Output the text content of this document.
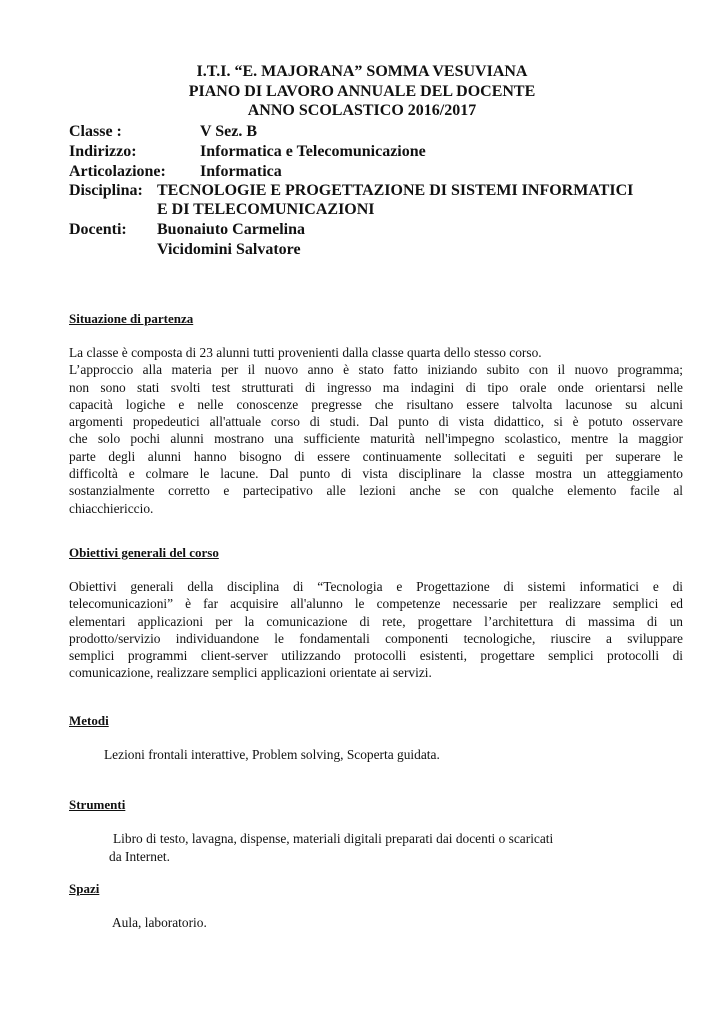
I.T.I. “E. MAJORANA” SOMMA VESUVIANA
PIANO DI LAVORO ANNUALE DEL DOCENTE
ANNO SCOLASTICO 2016/2017
Classe :	V Sez. B
Indirizzo:	Informatica e Telecomunicazione
Articolazione: Informatica
Disciplina: TECNOLOGIE E PROGETTAZIONE DI SISTEMI INFORMATICI
E DI TELECOMUNICAZIONI
Docenti: Buonaiuto Carmelina
Vicidomini Salvatore
Situazione di partenza
La classe è composta di 23 alunni tutti provenienti dalla classe quarta dello stesso corso.
L’approccio alla materia per il nuovo anno è stato fatto iniziando subito con il nuovo programma;
non sono stati svolti test strutturati di ingresso ma indagini di tipo orale onde orientarsi nelle
capacità logiche e nelle conoscenze pregresse che risultano essere talvolta lacunose su alcuni
argomenti propedeutici all'attuale corso di studi. Dal punto di vista didattico, si è potuto osservare
che solo pochi alunni mostrano una sufficiente maturità nell'impegno scolastico, mentre la maggior
parte degli alunni hanno bisogno di essere continuamente sollecitati e seguiti per superare le
difficoltà e colmare le lacune. Dal punto di vista disciplinare la classe mostra un atteggiamento
sostanzialmente corretto e partecipativo alle lezioni anche se con qualche elemento facile al
chiacchiericcio.
Obiettivi generali del corso
Obiettivi generali della disciplina di “Tecnologia e Progettazione di sistemi informatici e di
telecomunicazioni” è far acquisire all'alunno le competenze necessarie per realizzare semplici ed
elementari applicazioni per la comunicazione di rete, progettare l’architettura di massima di un
prodotto/servizio individuandone le fondamentali componenti tecnologiche, riuscire a sviluppare
semplici programmi client-server utilizzando protocolli esistenti, progettare semplici protocolli di
comunicazione, realizzare semplici applicazioni orientate ai servizi.
Metodi
Lezioni frontali interattive, Problem solving, Scoperta guidata.
Strumenti
Libro di testo, lavagna, dispense, materiali digitali preparati dai docenti o scaricati
da Internet.
Spazi
Aula, laboratorio.
